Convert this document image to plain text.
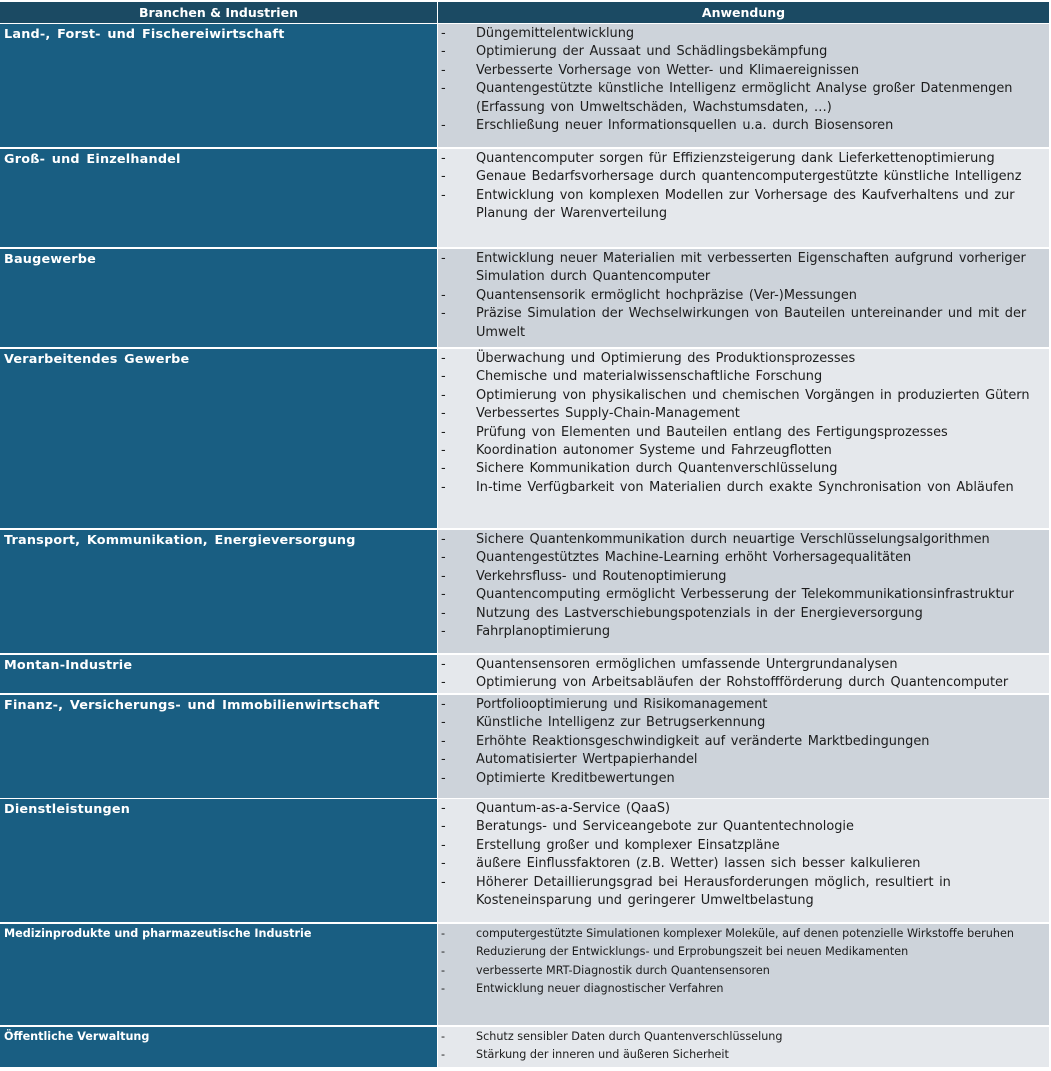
Branchen & Industrien	Anwendung
Land-, Forst- und Fischereiwirtschaft	- Düngemittelentwicklung
- Optimierung der Aussaat und Schädlingsbekämpfung
- Verbesserte Vorhersage von Wetter- und Klimaereignissen
- Quantengestützte künstliche Intelligenz ermöglicht Analyse großer Datenmengen (Erfassung von Umweltschäden, Wachstumsdaten, …)
- Erschließung neuer Informationsquellen u.a. durch Biosensoren
Groß- und Einzelhandel	- Quantencomputer sorgen für Effizienzsteigerung dank Lieferkettenoptimierung
- Genaue Bedarfsvorhersage durch quantencomputergestützte künstliche Intelligenz
- Entwicklung von komplexen Modellen zur Vorhersage des Kaufverhaltens und zur Planung der Warenverteilung
Baugewerbe	- Entwicklung neuer Materialien mit verbesserten Eigenschaften aufgrund vorheriger Simulation durch Quantencomputer
- Quantensensorik ermöglicht hochpräzise (Ver-)Messungen
- Präzise Simulation der Wechselwirkungen von Bauteilen untereinander und mit der Umwelt
Verarbeitendes Gewerbe	- Überwachung und Optimierung des Produktionsprozesses
- Chemische und materialwissenschaftliche Forschung
- Optimierung von physikalischen und chemischen Vorgängen in produzierten Gütern
- Verbessertes Supply-Chain-Management
- Prüfung von Elementen und Bauteilen entlang des Fertigungsprozesses
- Koordination autonomer Systeme und Fahrzeugflotten
- Sichere Kommunikation durch Quantenverschlüsselung
- In-time Verfügbarkeit von Materialien durch exakte Synchronisation von Abläufen
Transport, Kommunikation, Energieversorgung	- Sichere Quantenkommunikation durch neuartige Verschlüsselungsalgorithmen
- Quantengestütztes Machine-Learning erhöht Vorhersagequalitäten
- Verkehrsfluss- und Routenoptimierung
- Quantencomputing ermöglicht Verbesserung der Telekommunikationsinfrastruktur
- Nutzung des Lastverschiebungspotenzials in der Energieversorgung
- Fahrplanoptimierung
Montan-Industrie	- Quantensensoren ermöglichen umfassende Untergrundanalysen
- Optimierung von Arbeitsabläufen der Rohstoffförderung durch Quantencomputer
Finanz-, Versicherungs- und Immobilienwirtschaft	- Portfoliooptimierung und Risikomanagement
- Künstliche Intelligenz zur Betrugserkennung
- Erhöhte Reaktionsgeschwindigkeit auf veränderte Marktbedingungen
- Automatisierter Wertpapierhandel
- Optimierte Kreditbewertungen
Dienstleistungen	- Quantum-as-a-Service (QaaS)
- Beratungs- und Serviceangebote zur Quantentechnologie
- Erstellung großer und komplexer Einsatzpläne
- äußere Einflussfaktoren (z.B. Wetter) lassen sich besser kalkulieren
- Höherer Detaillierungsgrad bei Herausforderungen möglich, resultiert in Kosteneinsparung und geringerer Umweltbelastung
Medizinprodukte und pharmazeutische Industrie	-	computergestützte Simulationen komplexer Moleküle, auf denen potenzielle Wirkstoffe beruhen
-	Reduzierung der Entwicklungs- und Erprobungszeit bei neuen Medikamenten
-	verbesserte MRT-Diagnostik durch Quantensensoren
-	Entwicklung neuer diagnostischer Verfahren
Öffentliche Verwaltung	-	Schutz sensibler Daten durch Quantenverschlüsselung
-	Stärkung der inneren und äußeren Sicherheit
